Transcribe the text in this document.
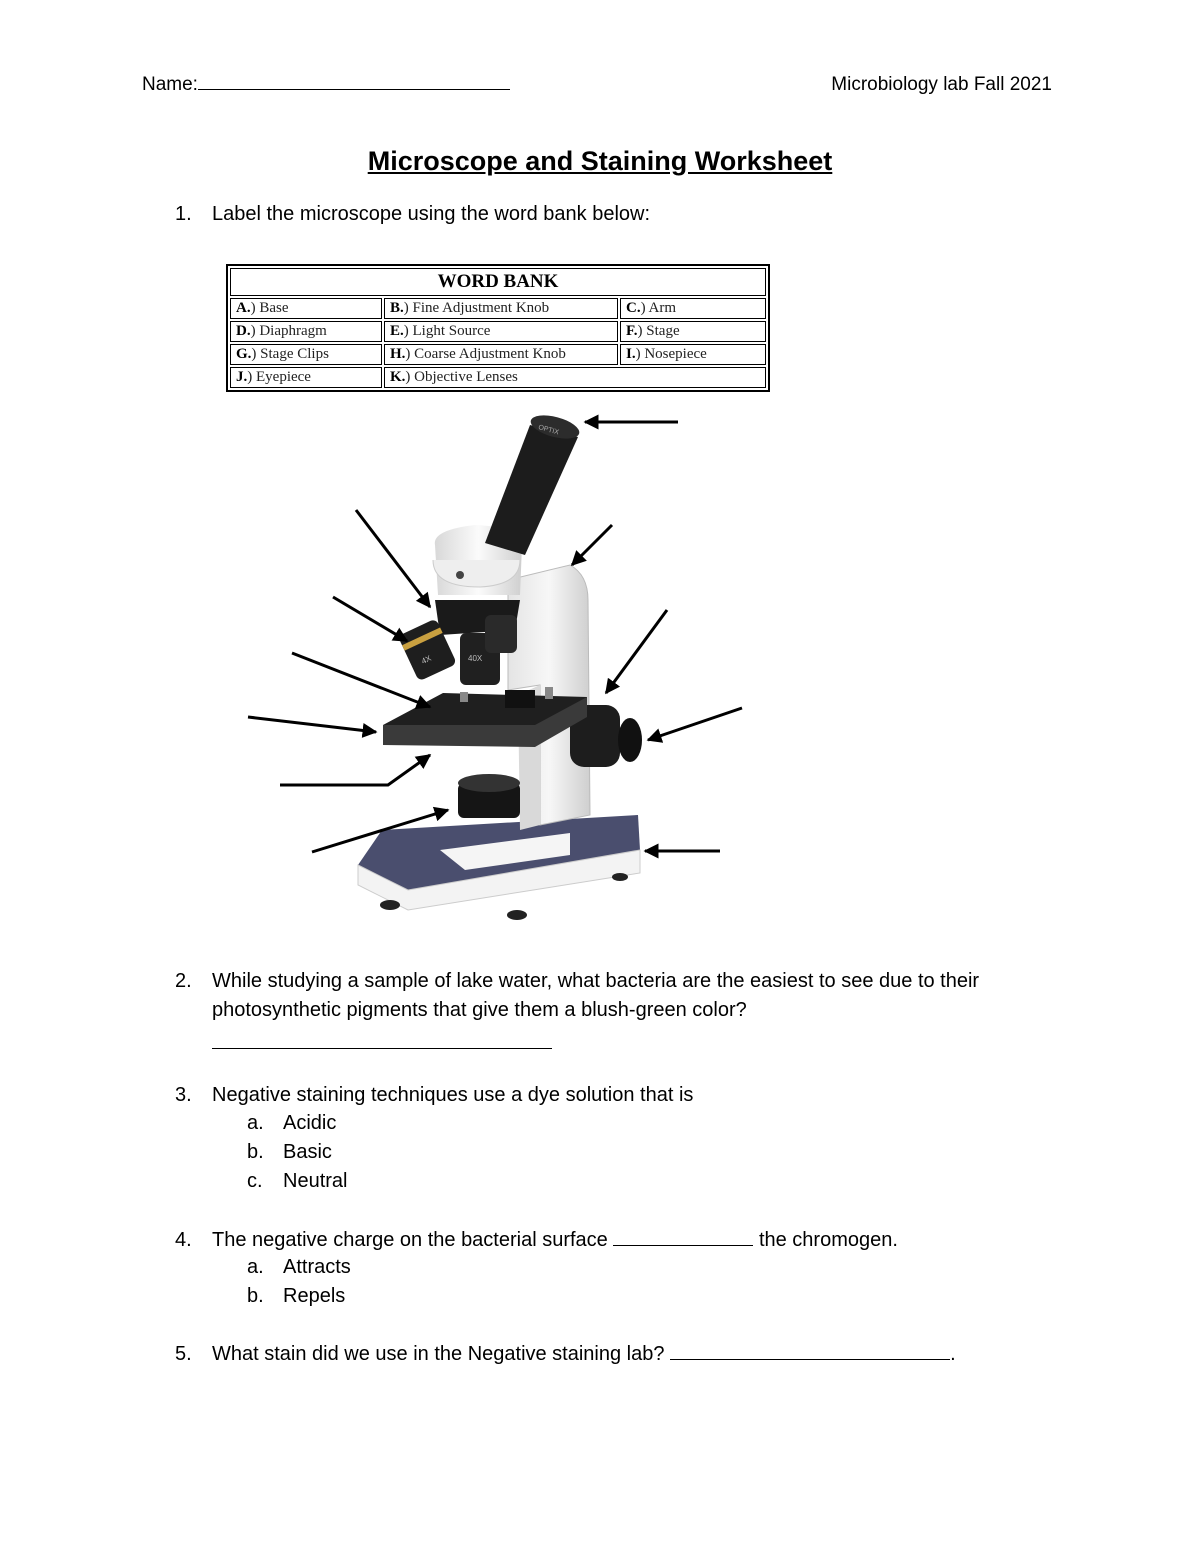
Name:	Microbiology lab Fall 2021
Microscope and Staining Worksheet
1.	Label the microscope using the word bank below:
WORD BANK		
A.) Base	B.) Fine Adjustment Knob	C.) Arm
D.) Diaphragm	E.) Light Source	F.) Stage
G.) Stage Clips	H.) Coarse Adjustment Knob	I.) Nosepiece
J.) Eyepiece	K.) Objective Lenses	
OPTIX
4X	40X
2.	While studying a sample of lake water, what bacteria are the easiest to see due to their
photosynthetic pigments that give them a blush-green color?
3.	Negative staining techniques use a dye solution that is
a. Acidic
b. Basic
c. Neutral
4.	The negative charge on the bacterial surface	the chromogen.
a. Attracts
b. Repels
5.	What stain did we use in the Negative staining lab?	.
